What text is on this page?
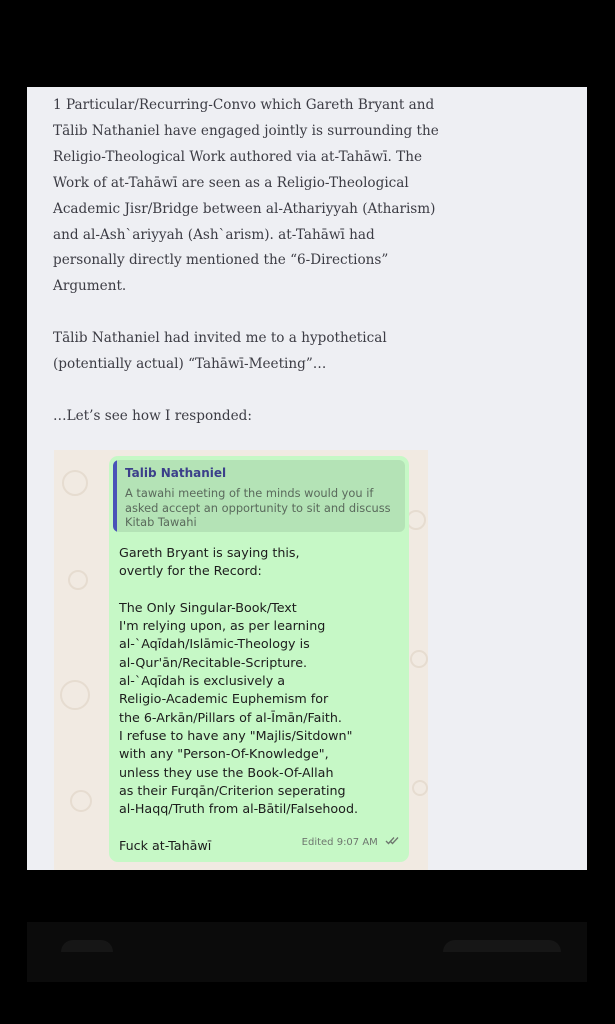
1 Particular/Recurring-Convo which Gareth Bryant and Tālib Nathaniel have engaged jointly is surrounding the Religio-Theological Work authored via at-Tahāwī. The Work of at-Tahāwī are seen as a Religio-Theological Academic Jisr/Bridge between al-Athariyyah (Atharism) and al-Ash`ariyyah (Ash`arism). at-Tahāwī had personally directly mentioned the “6-Directions” Argument.

Tālib Nathaniel had invited me to a hypothetical (potentially actual) “Tahāwī-Meeting”…

…Let’s see how I responded:

Talib Nathaniel
A tawahi meeting of the minds would you if asked accept an opportunity to sit and discuss Kitab Tawahi
Gareth Bryant is saying this,
overtly for the Record:

The Only Singular-Book/Text
I'm relying upon, as per learning
al-`Aqīdah/Islāmic-Theology is
al-Qur'ān/Recitable-Scripture.
al-`Aqīdah is exclusively a
Religio-Academic Euphemism for
the 6-Arkān/Pillars of al-Īmān/Faith.
I refuse to have any "Majlis/Sitdown"
with any "Person-Of-Knowledge",
unless they use the Book-Of-Allah
as their Furqān/Criterion seperating
al-Haqq/Truth from al-Bātil/Falsehood.

Fuck at-Tahāwī	Edited 9:07 AM
